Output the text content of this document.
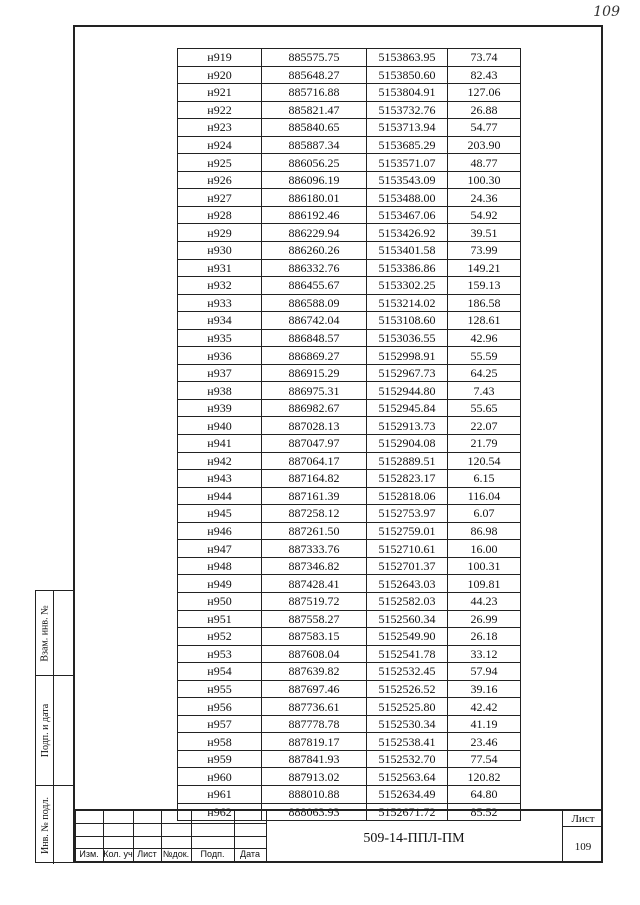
109
Взам. инв. №
Подп. и дата
Инв. № подл.
н919	885575.75	5153863.95	73.74
н920	885648.27	5153850.60	82.43
н921	885716.88	5153804.91	127.06
н922	885821.47	5153732.76	26.88
н923	885840.65	5153713.94	54.77
н924	885887.34	5153685.29	203.90
н925	886056.25	5153571.07	48.77
н926	886096.19	5153543.09	100.30
н927	886180.01	5153488.00	24.36
н928	886192.46	5153467.06	54.92
н929	886229.94	5153426.92	39.51
н930	886260.26	5153401.58	73.99
н931	886332.76	5153386.86	149.21
н932	886455.67	5153302.25	159.13
н933	886588.09	5153214.02	186.58
н934	886742.04	5153108.60	128.61
н935	886848.57	5153036.55	42.96
н936	886869.27	5152998.91	55.59
н937	886915.29	5152967.73	64.25
н938	886975.31	5152944.80	7.43
н939	886982.67	5152945.84	55.65
н940	887028.13	5152913.73	22.07
н941	887047.97	5152904.08	21.79
н942	887064.17	5152889.51	120.54
н943	887164.82	5152823.17	6.15
н944	887161.39	5152818.06	116.04
н945	887258.12	5152753.97	6.07
н946	887261.50	5152759.01	86.98
н947	887333.76	5152710.61	16.00
н948	887346.82	5152701.37	100.31
н949	887428.41	5152643.03	109.81
н950	887519.72	5152582.03	44.23
н951	887558.27	5152560.34	26.99
н952	887583.15	5152549.90	26.18
н953	887608.04	5152541.78	33.12
н954	887639.82	5152532.45	57.94
н955	887697.46	5152526.52	39.16
н956	887736.61	5152525.80	42.42
н957	887778.78	5152530.34	41.19
н958	887819.17	5152538.41	23.46
н959	887841.93	5152532.70	77.54
н960	887913.02	5152563.64	120.82
н961	888010.88	5152634.49	64.80
н962	888063.93	5152671.72	85.52
Изм. Кол. уч Лист №док.	Подп.	Дата
509-14-ППЛ-ПМ
Лист
109
